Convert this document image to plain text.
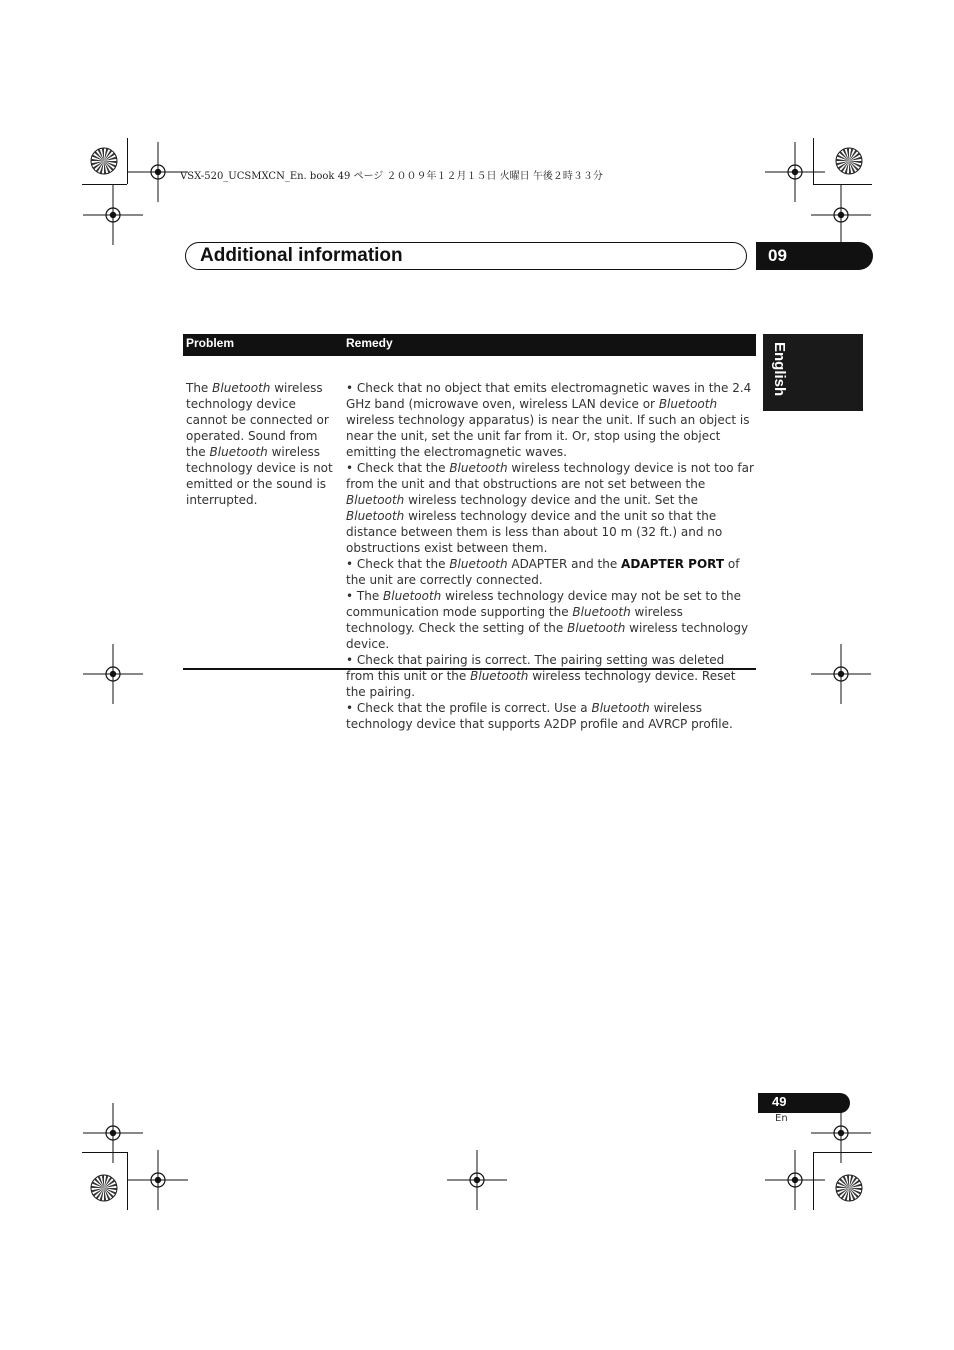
VSX-520_UCSMXCN_En. book 49 ページ ２００９年１２月１５日 火曜日 午後２時３３分
Additional information	09
English
Problem	Remedy
The Bluetooth wireless technology device cannot be connected or operated. Sound from the Bluetooth wireless technology device is not emitted or the sound is interrupted.

• Check that no object that emits electromagnetic waves in the 2.4 GHz band (microwave oven, wireless LAN device or Bluetooth wireless technology apparatus) is near the unit. If such an object is near the unit, set the unit far from it. Or, stop using the object emitting the electromagnetic waves.

• Check that the Bluetooth wireless technology device is not too far from the unit and that obstructions are not set between the Bluetooth wireless technology device and the unit. Set the Bluetooth wireless technology device and the unit so that the distance between them is less than about 10 m (32 ft.) and no obstructions exist between them.

• Check that the Bluetooth ADAPTER and the ADAPTER PORT of the unit are correctly connected.

• The Bluetooth wireless technology device may not be set to the communication mode supporting the Bluetooth wireless technology. Check the setting of the Bluetooth wireless technology device.

• Check that pairing is correct. The pairing setting was deleted from this unit or the Bluetooth wireless technology device. Reset the pairing.

• Check that the profile is correct. Use a Bluetooth wireless technology device that supports A2DP profile and AVRCP profile.

49
En
